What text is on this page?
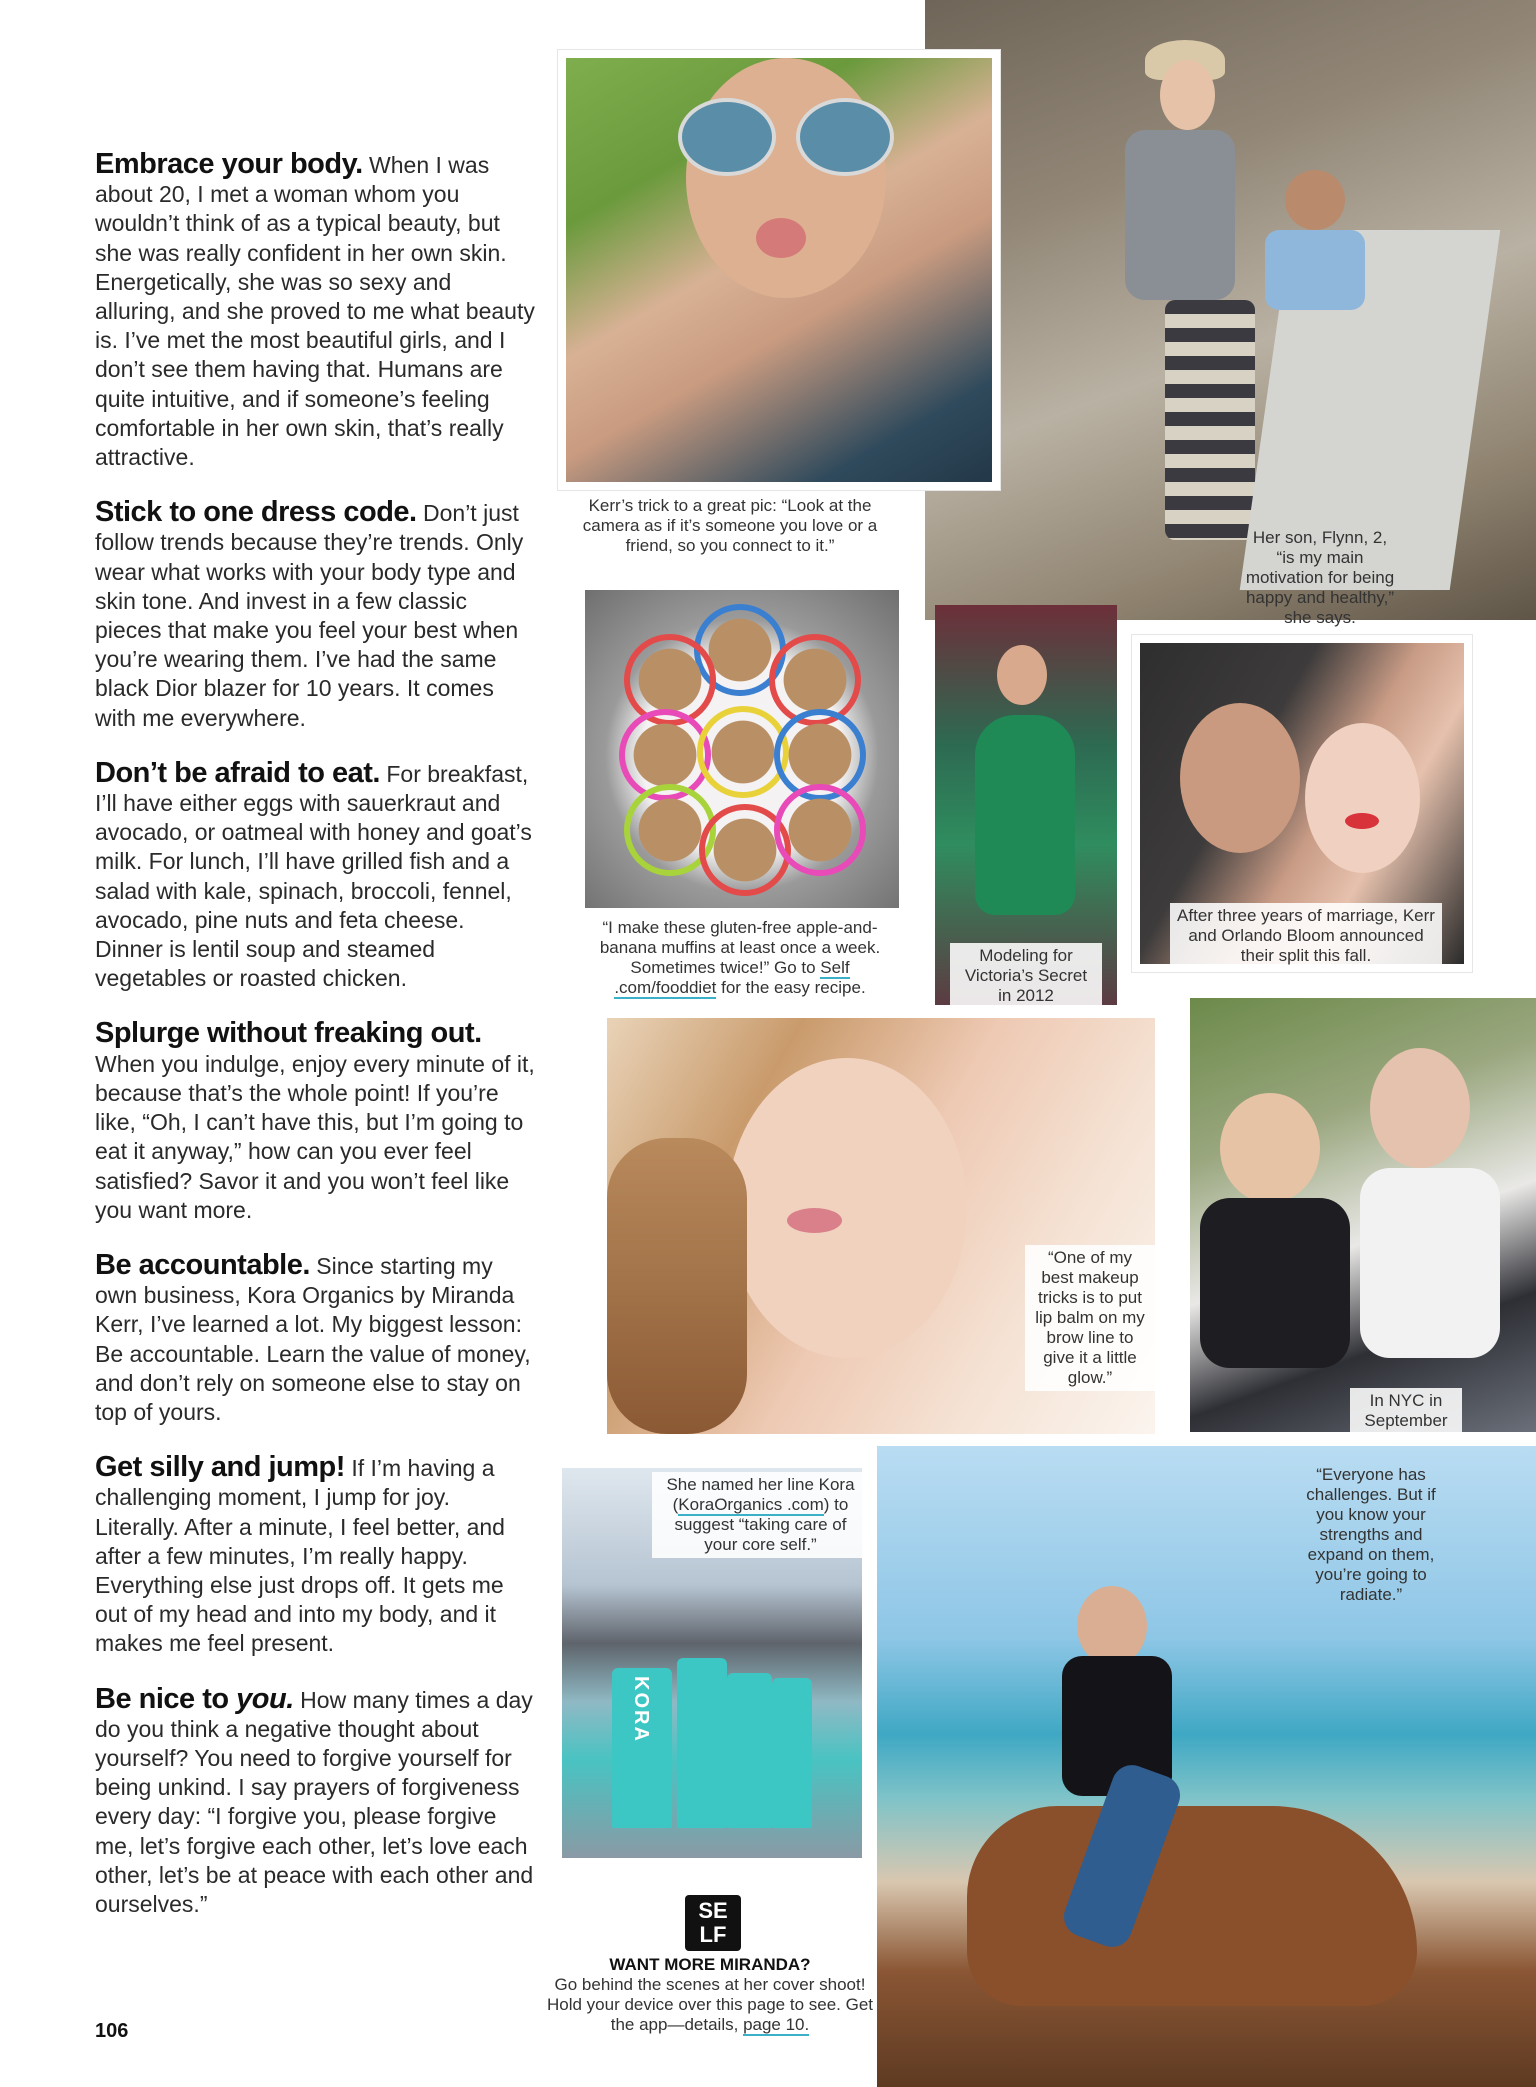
Embrace your body. When I was about 20, I met a woman whom you wouldn’t think of as a typical beauty, but she was really confident in her own skin. Energetically, she was so sexy and alluring, and she proved to me what beauty is. I’ve met the most beautiful girls, and I don’t see them having that. Humans are quite intuitive, and if someone’s feeling comfortable in her own skin, that’s really attractive.

Stick to one dress code. Don’t just follow trends because they’re trends. Only wear what works with your body type and skin tone. And invest in a few classic pieces that make you feel your best when you’re wearing them. I’ve had the same black Dior blazer for 10 years. It comes with me everywhere.

Don’t be afraid to eat. For breakfast, I’ll have either eggs with sauerkraut and avocado, or oatmeal with honey and goat’s milk. For lunch, I’ll have grilled fish and a salad with kale, spinach, broccoli, fennel, avocado, pine nuts and feta cheese. Dinner is lentil soup and steamed vegetables or roasted chicken.

Splurge without freaking out. When you indulge, enjoy every minute of it, because that’s the whole point! If you’re like, “Oh, I can’t have this, but I’m going to eat it anyway,” how can you ever feel satisfied? Savor it and you won’t feel like you want more.

Be accountable. Since starting my own business, Kora Organics by Miranda Kerr, I’ve learned a lot. My biggest lesson: Be accountable. Learn the value of money, and don’t rely on someone else to stay on top of yours.

Get silly and jump! If I’m having a challenging moment, I jump for joy. Literally. After a minute, I feel better, and after a few minutes, I’m really happy. Everything else just drops off. It gets me out of my head and into my body, and it makes me feel present.

Be nice to you. How many times a day do you think a negative thought about yourself? You need to forgive yourself for being unkind. I say prayers of forgiveness every day: “I forgive you, please forgive me, let’s forgive each other, let’s love each other, let’s be at peace with each other and ourselves.”

106
Her son, Flynn, 2, “is my main motivation for being happy and healthy,” she says.
Kerr’s trick to a great pic: “Look at the camera as if it’s someone you love or a friend, so you connect to it.”
“I make these gluten-free apple-and-banana muffins at least once a week. Sometimes twice!” Go to Self .com/fooddiet for the easy recipe.
Modeling for Victoria’s Secret in 2012
After three years of marriage, Kerr and Orlando Bloom announced their split this fall.
“One of my best makeup tricks is to put lip balm on my brow line to give it a little glow.”
In NYC in September
KORA
She named her line Kora (KoraOrganics .com) to suggest “taking care of your core self.”
“Everyone has challenges. But if you know your strengths and expand on them, you’re going to radiate.”
SE
LF
WANT MORE MIRANDA?
Go behind the scenes at her cover shoot! Hold your device over this page to see. Get the app—details, page 10.
